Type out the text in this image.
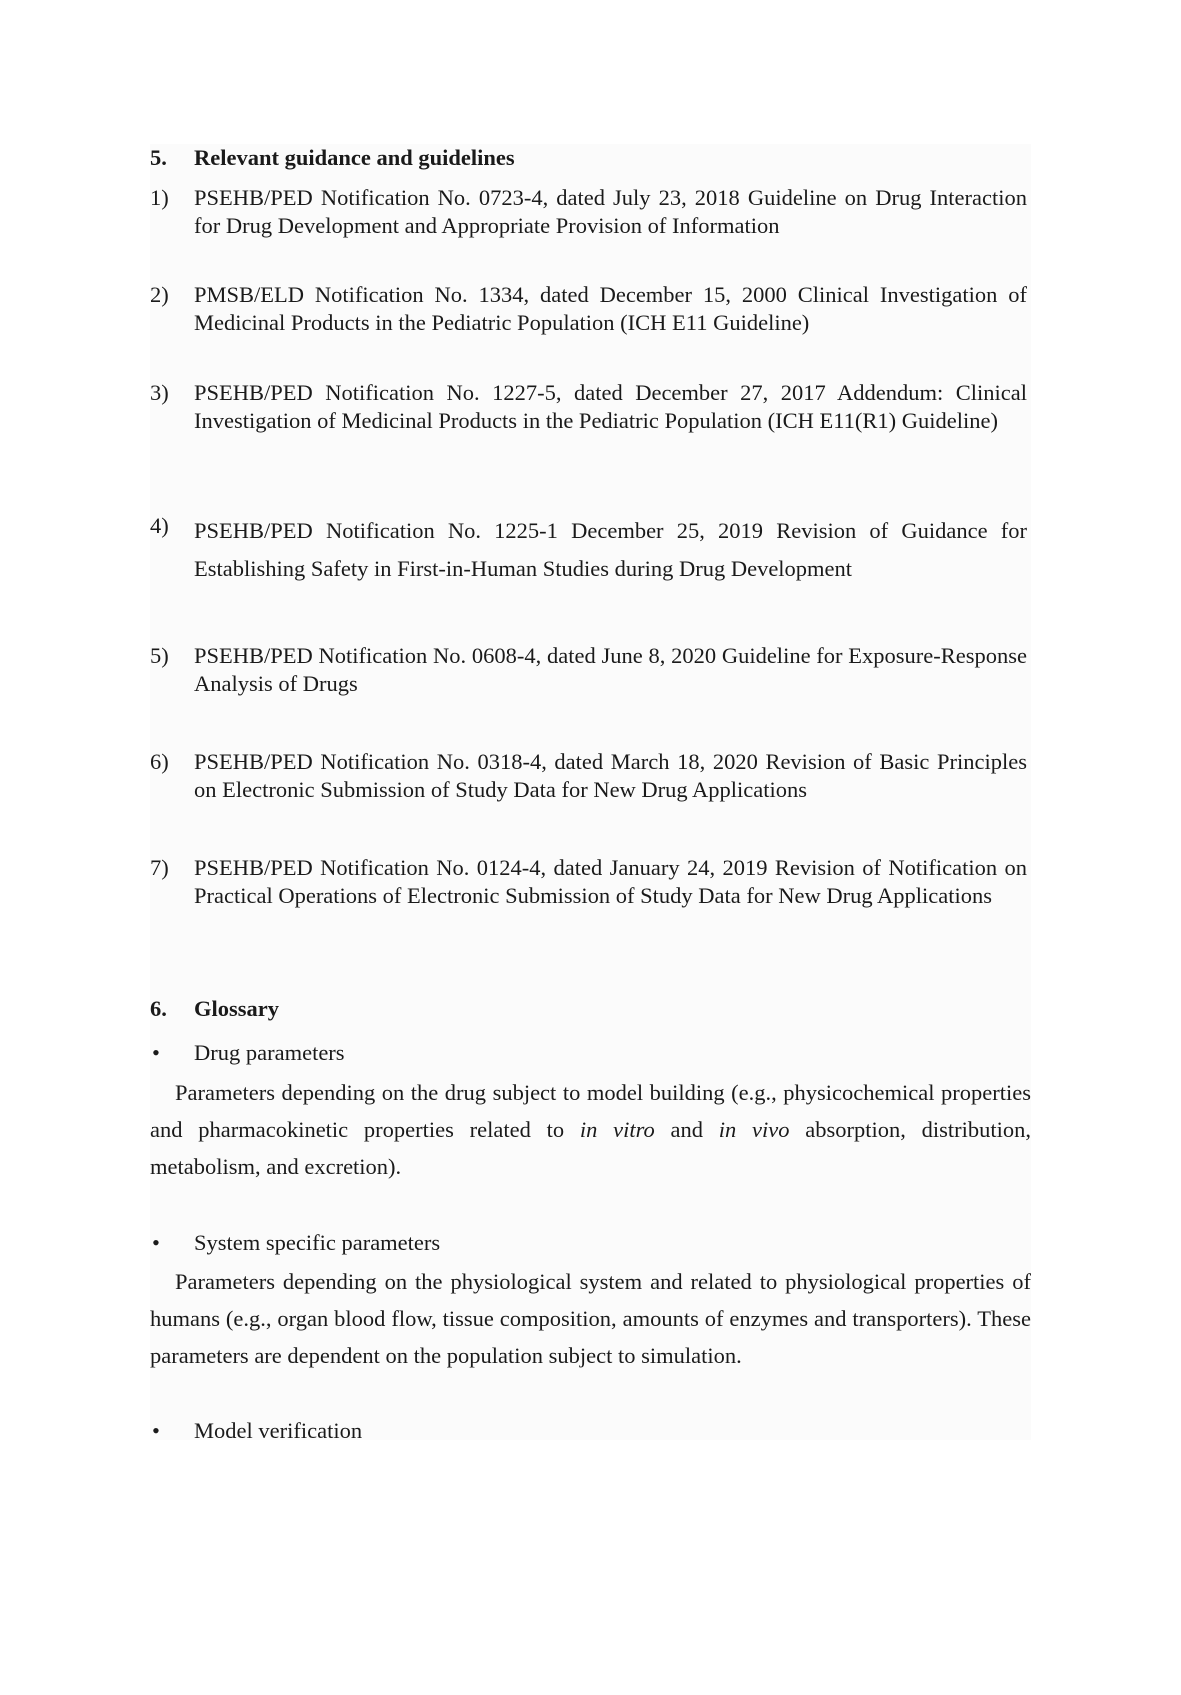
5. Relevant guidance and guidelines
1) PSEHB/PED Notification No. 0723-4, dated July 23, 2018 Guideline on Drug Interaction for Drug Development and Appropriate Provision of Information
2) PMSB/ELD Notification No. 1334, dated December 15, 2000 Clinical Investigation of Medicinal Products in the Pediatric Population (ICH E11 Guideline)
3) PSEHB/PED Notification No. 1227-5, dated December 27, 2017 Addendum: Clinical Investigation of Medicinal Products in the Pediatric Population (ICH E11(R1) Guideline)
4) PSEHB/PED Notification No. 1225-1 December 25, 2019 Revision of Guidance for Establishing Safety in First-in-Human Studies during Drug Development
5) PSEHB/PED Notification No. 0608-4, dated June 8, 2020 Guideline for Exposure-Response Analysis of Drugs
6) PSEHB/PED Notification No. 0318-4, dated March 18, 2020 Revision of Basic Principles on Electronic Submission of Study Data for New Drug Applications
7) PSEHB/PED Notification No. 0124-4, dated January 24, 2019 Revision of Notification on Practical Operations of Electronic Submission of Study Data for New Drug Applications
6. Glossary
• Drug parameters
Parameters depending on the drug subject to model building (e.g., physicochemical properties and pharmacokinetic properties related to in vitro and in vivo absorption, distribution, metabolism, and excretion).
• System specific parameters
Parameters depending on the physiological system and related to physiological properties of humans (e.g., organ blood flow, tissue composition, amounts of enzymes and transporters). These parameters are dependent on the population subject to simulation.
• Model verification
